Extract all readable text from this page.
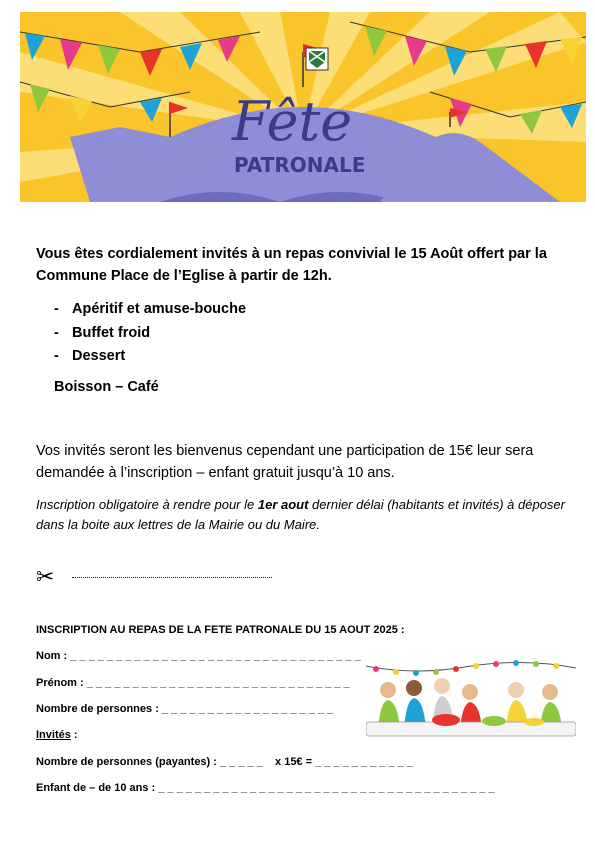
Fête
PATRONALE
Vous êtes cordialement invités à un repas convivial le 15 Août offert par la Commune Place de l’Eglise à partir de 12h.
- Apéritif et amuse-bouche
- Buffet froid
- Dessert
Boisson – Café
Vos invités seront les bienvenus cependant une participation de 15€ leur sera demandée à l’inscription – enfant gratuit jusqu’à 10 ans.
Inscription obligatoire à rendre pour le 1er aout dernier délai (habitants et invités) à déposer dans la boite aux lettres de la Mairie ou du Maire.
✂
INSCRIPTION AU REPAS DE LA FETE PATRONALE DU 15 AOUT 2025 :
Nom : _ _ _ _ _ _ _ _ _ _ _ _ _ _ _ _ _ _ _ _ _ _ _ _ _ _ _ _ _ _ _ _
Prénom : _ _ _ _ _ _ _ _ _ _ _ _ _ _ _ _ _ _ _ _ _ _ _ _ _ _ _ _ _
Nombre de personnes : _ _ _ _ _ _ _ _ _ _ _ _ _ _ _ _ _ _ _
Invités :
Nombre de personnes (payantes) : _ _ _ _ _    x 15€ = _ _ _ _ _ _ _ _ _ _ _
Enfant de – de 10 ans : _ _ _ _ _ _ _ _ _ _ _ _ _ _ _ _ _ _ _ _ _ _ _ _ _ _ _ _ _ _ _ _ _ _ _ _ _
